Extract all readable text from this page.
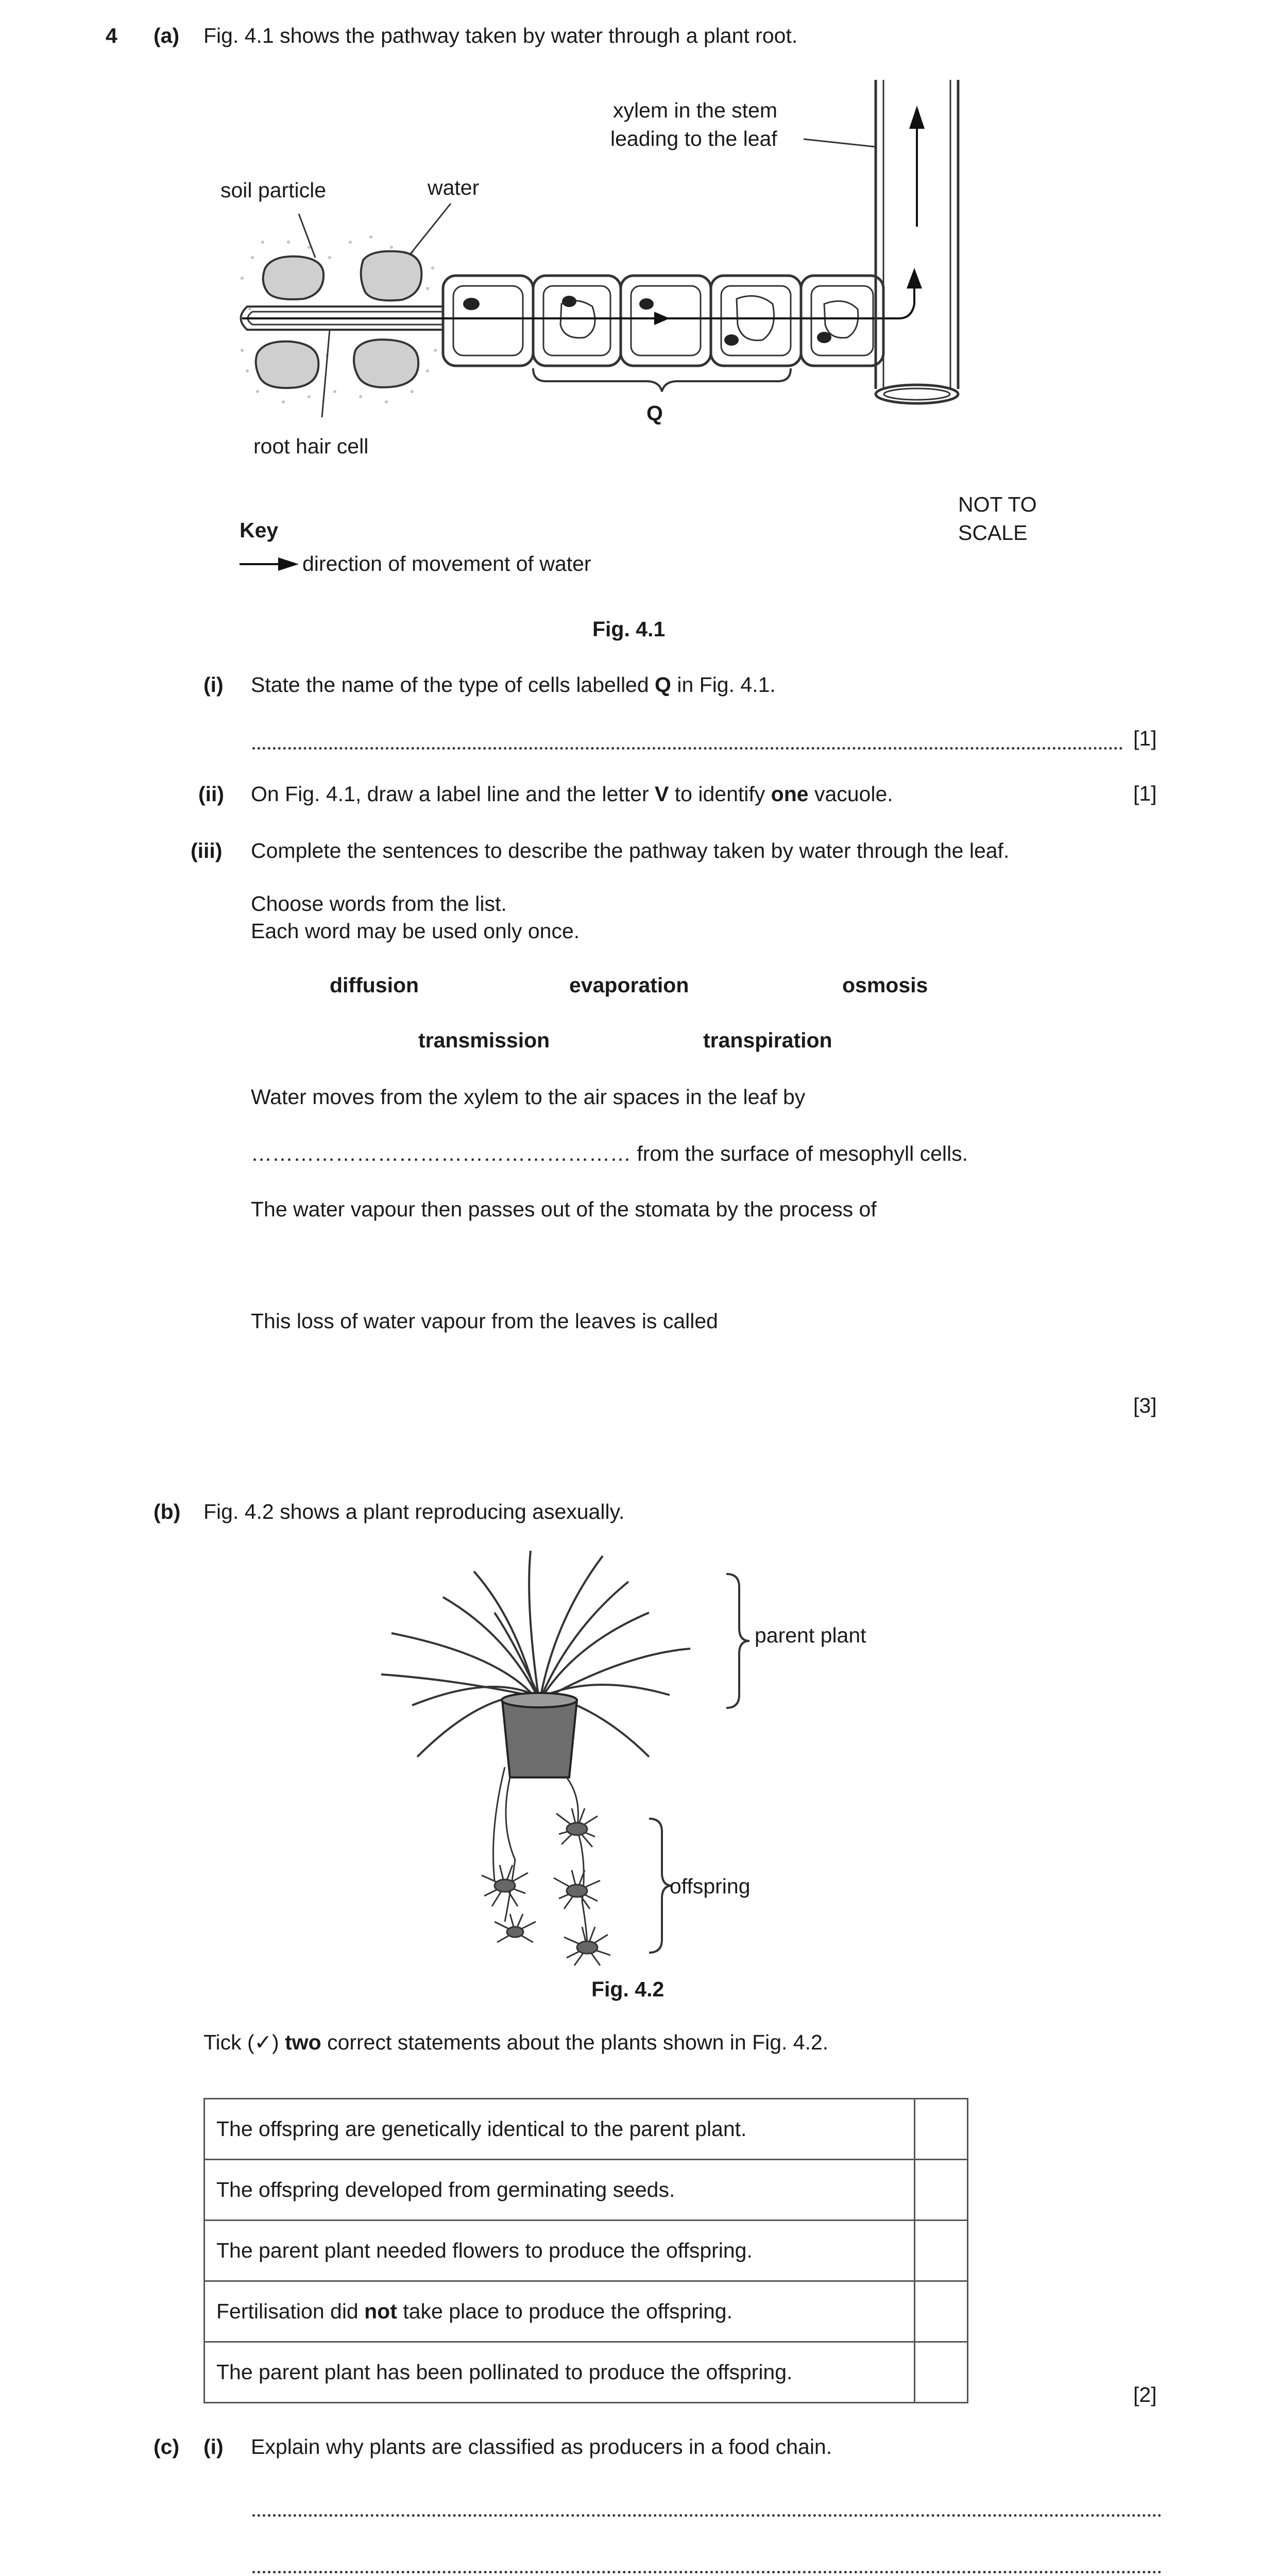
4 (a) Fig. 4.1 shows the pathway taken by water through a plant root.
xylem in the stem
leading to the leaf
soil particle	water
root hair cell
Q
NOT TO
SCALE
Key
direction of movement of water
Fig. 4.1
(i) State the name of the type of cells labelled Q in Fig. 4.1.
[1]
(ii) On Fig. 4.1, draw a label line and the letter V to identify one vacuole.	[1]
(iii) Complete the sentences to describe the pathway taken by water through the leaf.
Choose words from the list.
Each word may be used only once.
diffusion	evaporation	osmosis
transmission	transpiration
Water moves from the xylem to the air spaces in the leaf by
……………………………………………… from the surface of mesophyll cells.
The water vapour then passes out of the stomata by the process of
This loss of water vapour from the leaves is called
[3]
(b) Fig. 4.2 shows a plant reproducing asexually.
parent plant
offspring
Fig. 4.2
Tick (✓) two correct statements about the plants shown in Fig. 4.2.
The offspring are genetically identical to the parent plant.	
The offspring developed from germinating seeds.	
The parent plant needed flowers to produce the offspring.	
Fertilisation did not take place to produce the offspring.	
The parent plant has been pollinated to produce the offspring.	
[2]
(c) (i) Explain why plants are classified as producers in a food chain.
